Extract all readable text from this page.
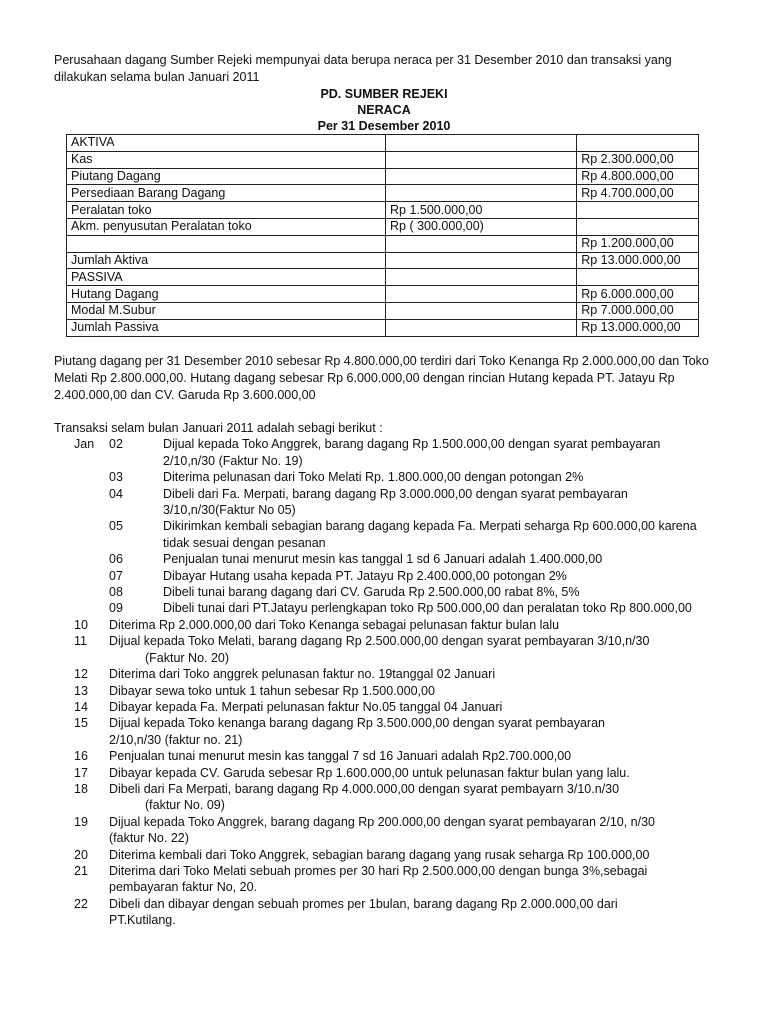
Perusahaan dagang Sumber Rejeki mempunyai data berupa neraca per 31 Desember 2010 dan transaksi yang dilakukan selama bulan Januari 2011
PD. SUMBER REJEKI
NERACA
Per 31 Desember 2010
AKTIVA		
Kas		Rp 2.300.000,00
Piutang Dagang		Rp 4.800.000,00
Persediaan Barang Dagang		Rp 4.700.000,00
Peralatan toko	Rp 1.500.000,00	
Akm. penyusutan Peralatan toko	Rp ( 300.000,00)	
		Rp 1.200.000,00
Jumlah Aktiva		Rp 13.000.000,00
PASSIVA		
Hutang Dagang		Rp 6.000.000,00
Modal M.Subur		Rp 7.000.000,00
Jumlah Passiva		Rp 13.000.000,00
Piutang dagang per 31 Desember 2010 sebesar Rp 4.800.000,00 terdiri dari Toko Kenanga Rp 2.000.000,00 dan Toko Melati Rp 2.800.000,00. Hutang dagang sebesar Rp 6.000.000,00 dengan rincian Hutang kepada PT. Jatayu Rp 2.400.000,00 dan CV. Garuda Rp 3.600.000,00
Transaksi selam bulan Januari 2011 adalah sebagi berikut :
Jan	02	Dijual kepada Toko Anggrek, barang dagang Rp 1.500.000,00 dengan syarat pembayaran
2/10,n/30 (Faktur No. 19)
03	Diterima pelunasan dari Toko Melati Rp. 1.800.000,00 dengan potongan 2%
04	Dibeli dari Fa. Merpati, barang dagang Rp 3.000.000,00 dengan syarat pembayaran
3/10,n/30(Faktur No 05)
05	Dikirimkan kembali sebagian barang dagang kepada Fa. Merpati seharga Rp 600.000,00 karena
tidak sesuai dengan pesanan
06	Penjualan tunai menurut mesin kas tanggal 1 sd 6 Januari adalah 1.400.000,00
07	Dibayar Hutang usaha kepada PT. Jatayu Rp 2.400.000,00 potongan 2%
08	Dibeli tunai barang dagang dari CV. Garuda Rp 2.500.000,00 rabat 8%, 5%
09	Dibeli tunai dari PT.Jatayu perlengkapan toko Rp 500.000,00 dan peralatan toko Rp 800.000,00
10	Diterima Rp 2.000.000,00 dari Toko Kenanga sebagai pelunasan faktur bulan lalu
11	Dijual kepada Toko Melati, barang dagang Rp 2.500.000,00 dengan syarat pembayaran 3/10,n/30
(Faktur No. 20)
12	Diterima dari Toko anggrek pelunasan faktur no. 19tanggal 02 Januari
13	Dibayar sewa toko untuk 1 tahun sebesar Rp 1.500.000,00
14	Dibayar kepada Fa. Merpati pelunasan faktur No.05 tanggal 04 Januari
15	Dijual kepada Toko kenanga barang dagang Rp 3.500.000,00 dengan syarat pembayaran
2/10,n/30 (faktur no. 21)
16	Penjualan tunai menurut mesin kas tanggal 7 sd 16 Januari adalah Rp2.700.000,00
17	Dibayar kepada CV. Garuda sebesar Rp 1.600.000,00 untuk pelunasan faktur bulan yang lalu.
18	Dibeli dari Fa Merpati, barang dagang Rp 4.000.000,00 dengan syarat pembayarn 3/10.n/30
(faktur No. 09)
19	Dijual kepada Toko Anggrek, barang dagang Rp 200.000,00 dengan syarat pembayaran 2/10, n/30
(faktur No. 22)
20	Diterima kembali dari Toko Anggrek, sebagian barang dagang yang rusak seharga Rp 100.000,00
21	Diterima dari Toko Melati sebuah promes per 30 hari Rp 2.500.000,00 dengan bunga 3%,sebagai
pembayaran faktur No, 20.
22	Dibeli dan dibayar dengan sebuah promes per 1bulan, barang dagang Rp 2.000.000,00 dari
PT.Kutilang.
